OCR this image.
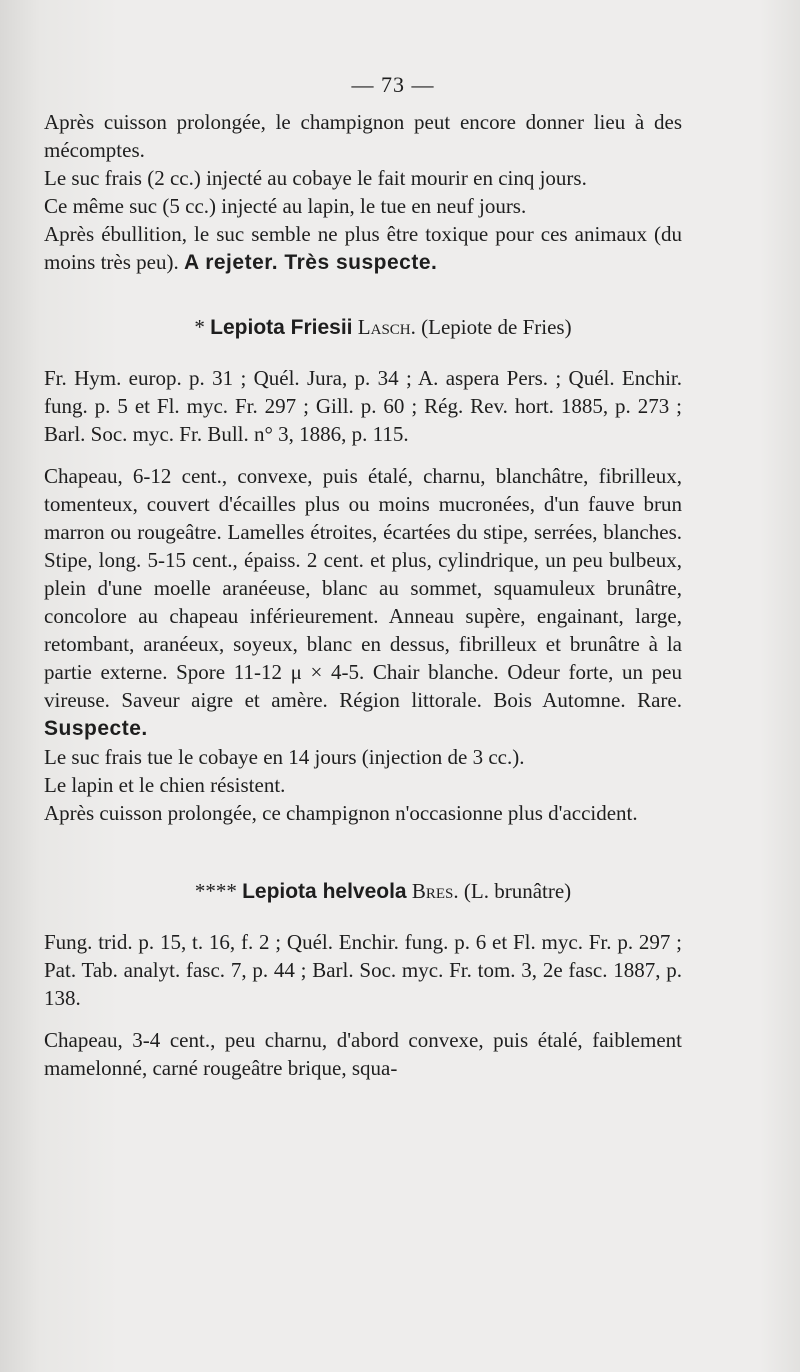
— 73 —

Après cuisson prolongée, le champignon peut encore donner lieu à des mécomptes.

Le suc frais (2 cc.) injecté au cobaye le fait mourir en cinq jours.

Ce même suc (5 cc.) injecté au lapin, le tue en neuf jours.

Après ébullition, le suc semble ne plus être toxique pour ces animaux (du moins très peu). A rejeter. Très suspecte.

* Lepiota Friesii Lasch. (Lepiote de Fries)

Fr. Hym. europ. p. 31 ; Quél. Jura, p. 34 ; A. aspera Pers. ; Quél. Enchir. fung. p. 5 et Fl. myc. Fr. 297 ; Gill. p. 60 ; Rég. Rev. hort. 1885, p. 273 ; Barl. Soc. myc. Fr. Bull. n° 3, 1886, p. 115.

Chapeau, 6-12 cent., convexe, puis étalé, charnu, blanchâtre, fibrilleux, tomenteux, couvert d'écailles plus ou moins mucronées, d'un fauve brun marron ou rougeâtre. Lamelles étroites, écartées du stipe, serrées, blanches. Stipe, long. 5-15 cent., épaiss. 2 cent. et plus, cylindrique, un peu bulbeux, plein d'une moelle aranéeuse, blanc au sommet, squamuleux brunâtre, concolore au chapeau inférieurement. Anneau supère, engainant, large, retombant, aranéeux, soyeux, blanc en dessus, fibrilleux et brunâtre à la partie externe. Spore 11-12 μ × 4-5. Chair blanche. Odeur forte, un peu vireuse. Saveur aigre et amère. Région littorale. Bois Automne. Rare. Suspecte.

Le suc frais tue le cobaye en 14 jours (injection de 3 cc.).

Le lapin et le chien résistent.

Après cuisson prolongée, ce champignon n'occasionne plus d'accident.

**** Lepiota helveola Bres. (L. brunâtre)

Fung. trid. p. 15, t. 16, f. 2 ; Quél. Enchir. fung. p. 6 et Fl. myc. Fr. p. 297 ; Pat. Tab. analyt. fasc. 7, p. 44 ; Barl. Soc. myc. Fr. tom. 3, 2e fasc. 1887, p. 138.

Chapeau, 3-4 cent., peu charnu, d'abord convexe, puis étalé, faiblement mamelonné, carné rougeâtre brique, squa-
